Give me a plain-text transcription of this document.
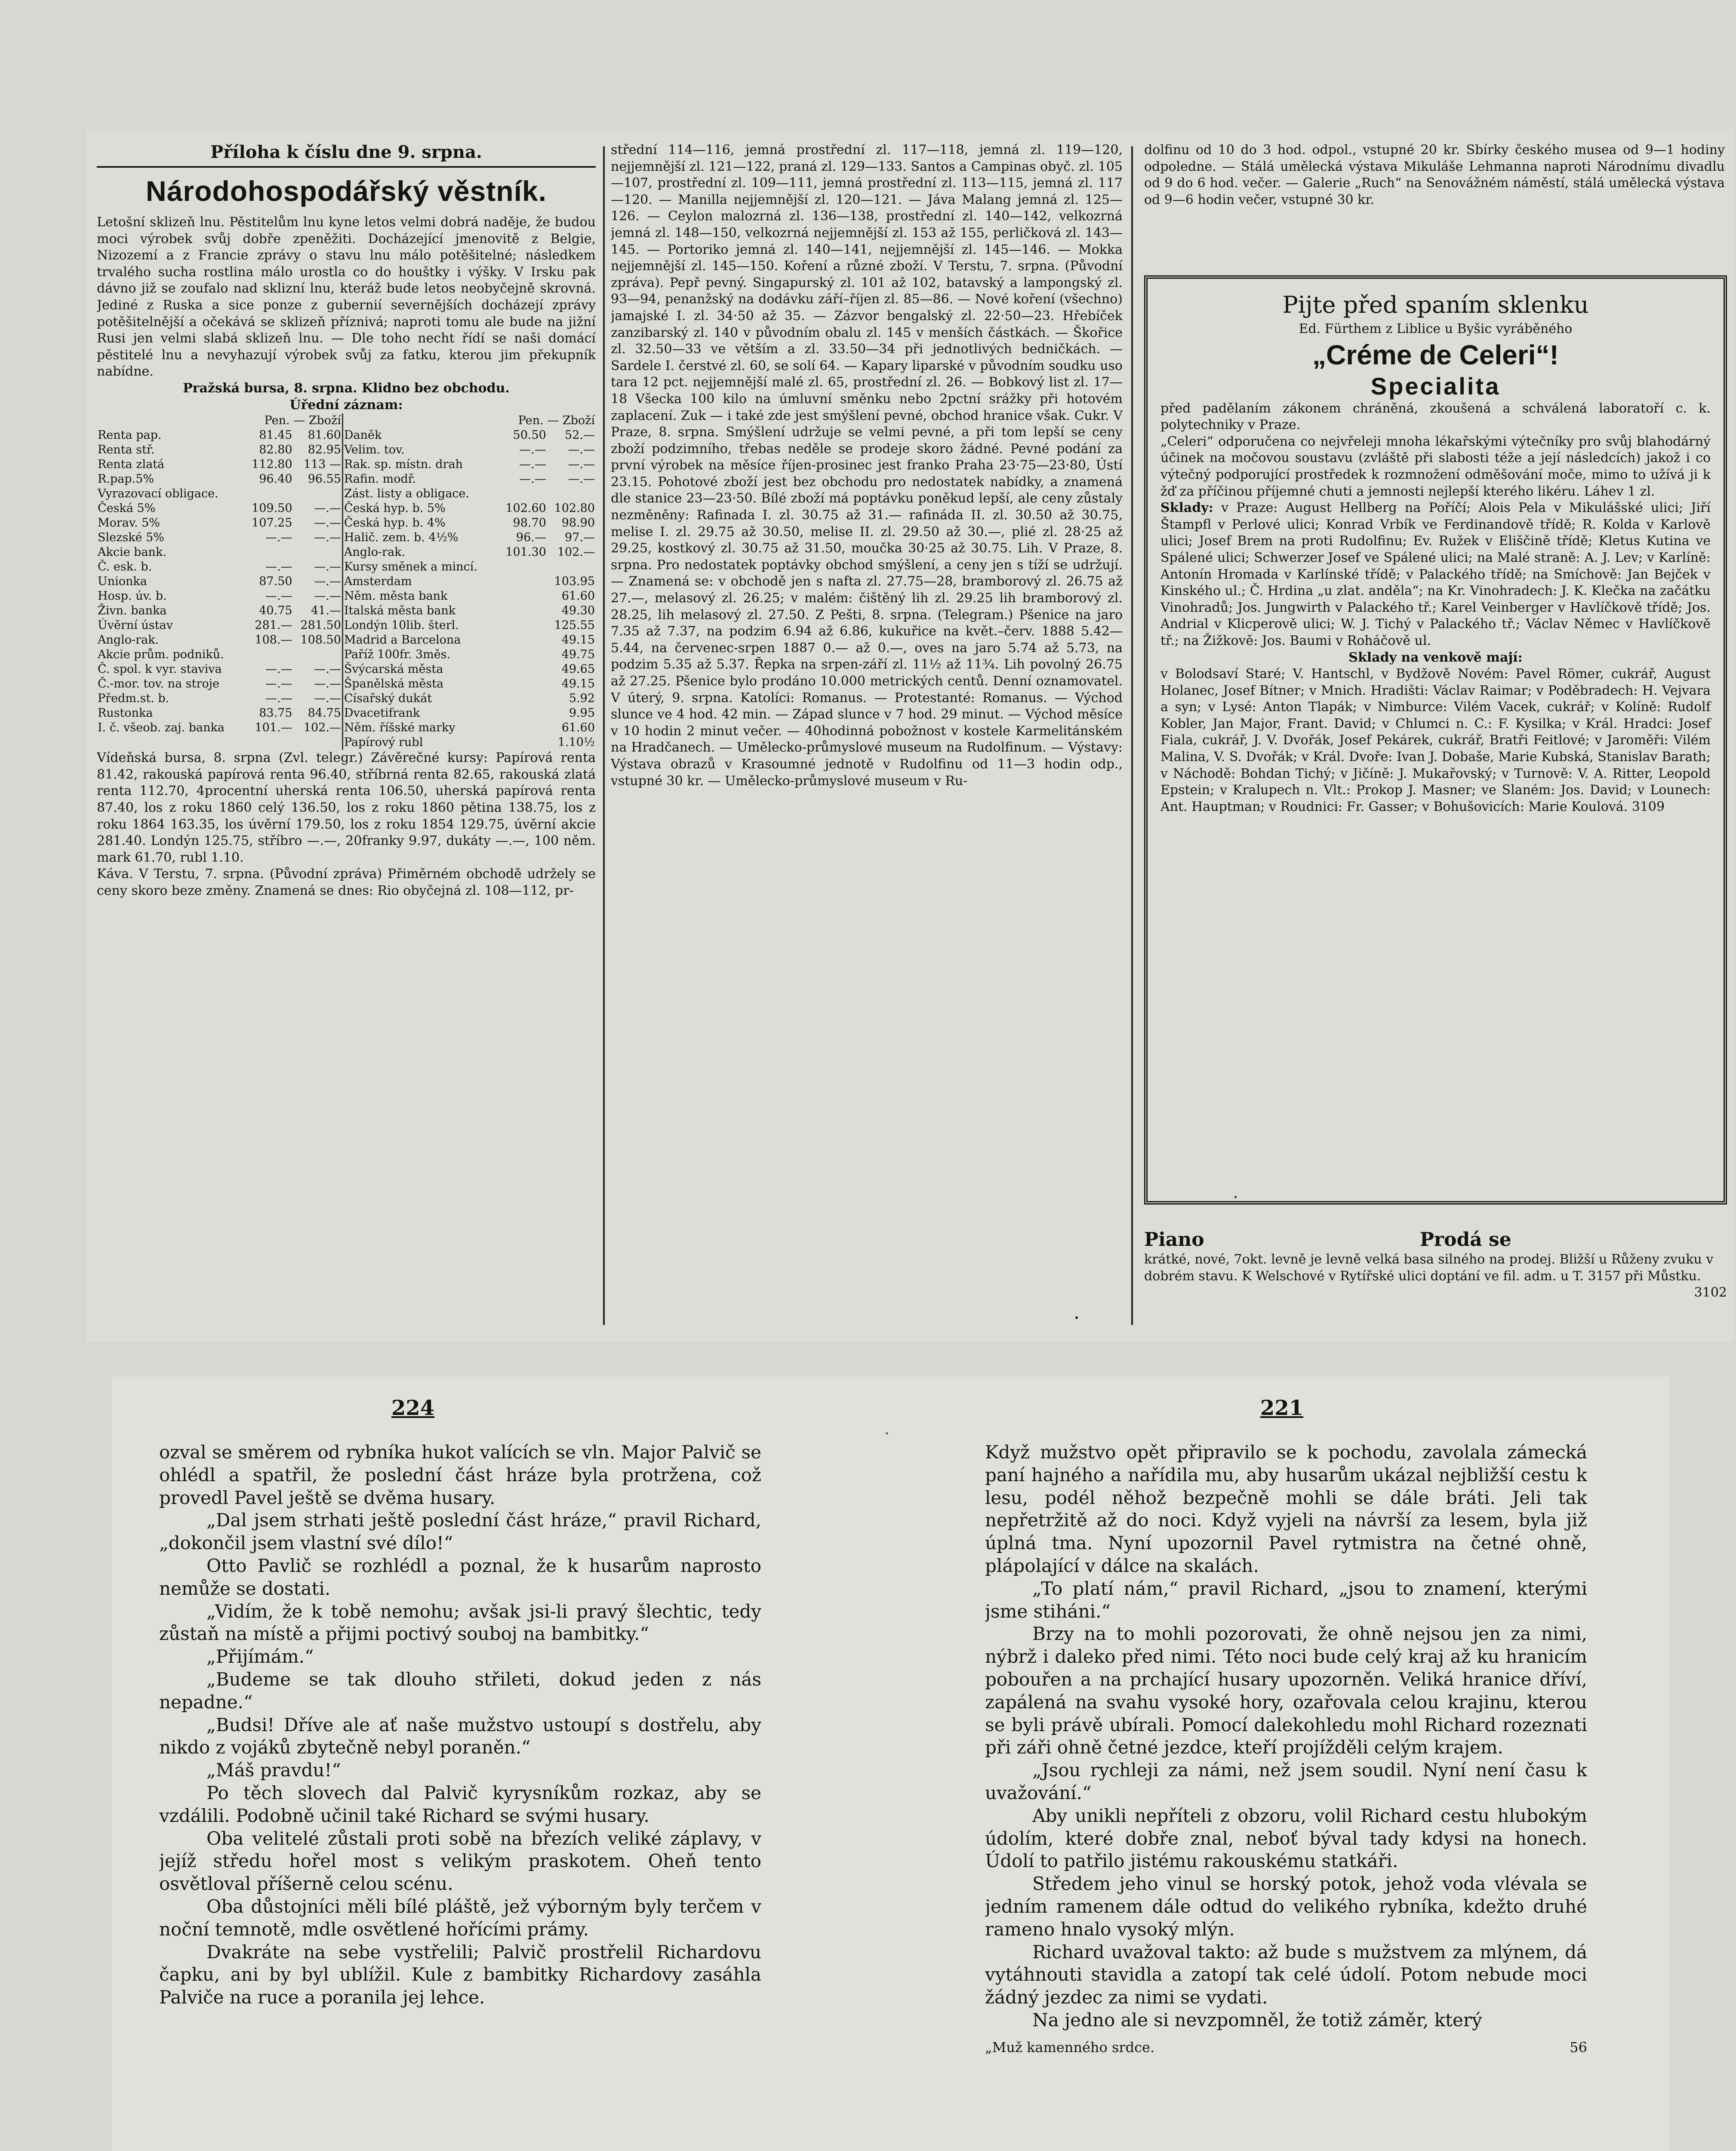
Příloha k číslu dne 9. srpna.
Národohospodářský věstník.

Letošní sklizeň lnu. Pěstitelům lnu kyne letos velmi dobrá naděje, že budou moci výrobek svůj dobře zpeněžiti. Docházející jmenovitě z Belgie, Nizozemí a z Francie zprávy o stavu lnu málo potěšitelné; následkem trvalého sucha rostlina málo urostla co do houštky i výšky. V Irsku pak dávno již se zoufalo nad sklizní lnu, kteráž bude letos neobyčejně skrovná. Jediné z Ruska a sice ponze z gubernií severnějších docházejí zprávy potěšitelnější a očekává se sklizeň příznivá; naproti tomu ale bude na jižní Rusi jen velmi slabá sklizeň lnu. — Dle toho necht řídí se naši domácí pěstitelé lnu a nevyhazují výrobek svůj za fatku, kterou jim překupník nabídne.

Pražská bursa, 8. srpna. Klidno bez obchodu.

Úřední záznam:

	Pen. — Zboží			Pen. — Zboží	
Renta pap.	81.45	81.60	Daněk	50.50	52.—
Renta stř.	82.80	82.95	Velim. tov.	—.—	—.—
Renta zlatá	112.80	113 —	Rak. sp. místn. drah	—.—	—.—
R.pap.5%	96.40	96.55	Rafin. modř.	—.—	—.—
Vyrazovací obligace.			Zást. listy a obligace.		
Česká 5%	109.50	—.—	Česká hyp. b. 5%	102.60	102.80
Morav. 5%	107.25	—.—	Česká hyp. b. 4%	98.70	98.90
Slezské 5%	—.—	—.—	Halič. zem. b. 4½%	96.—	97.—
Akcie bank.			Anglo-rak.	101.30	102.—
Č. esk. b.	—.—	—.—	Kursy směnek a mincí.		
Unionka	87.50	—.—	Amsterdam		103.95
Hosp. úv. b.	—.—	—.—	Něm. města bank		61.60
Živn. banka	40.75	41.—	Italská města bank		49.30
Úvěrní ústav	281.—	281.50	Londýn 10lib. šterl.		125.55
Anglo-rak.	108.—	108.50	Madrid a Barcelona		49.15
Akcie prům. podniků.			Paříž 100fr. 3měs.		49.75
Č. spol. k vyr. staviva	—.—	—.—	Švýcarská města		49.65
Č.-mor. tov. na stroje	—.—	—.—	Španělská města		49.15
Předm.st. b.	—.—	—.—	Císařský dukát		5.92
Rustonka	83.75	84.75	Dvacetifrank		9.95
I. č. všeob. zaj. banka	101.—	102.—	Něm. říšské marky		61.60
			Papírový rubl		1.10½

Vídeňská bursa, 8. srpna (Zvl. telegr.) Závěrečné kursy: Papírová renta 81.42, rakouská papírová renta 96.40, stříbrná renta 82.65, rakouská zlatá renta 112.70, 4procentní uherská renta 106.50, uherská papírová renta 87.40, los z roku 1860 celý 136.50, los z roku 1860 pětina 138.75, los z roku 1864 163.35, los úvěrní 179.50, los z roku 1854 129.75, úvěrní akcie 281.40. Londýn 125.75, stříbro —.—, 20franky 9.97, dukáty —.—, 100 něm. mark 61.70, rubl 1.10.

Káva. V Terstu, 7. srpna. (Původní zpráva) Přiměrném obchodě udržely se ceny skoro beze změny. Znamená se dnes: Rio obyčejná zl. 108—112, pr-

střední 114—116, jemná prostřední zl. 117—118, jemná zl. 119—120, nejjemnější zl. 121—122, praná zl. 129—133. Santos a Campinas obyč. zl. 105—107, prostřední zl. 109—111, jemná prostřední zl. 113—115, jemná zl. 117—120. — Manilla nejjemnější zl. 120—121. — Jáva Malang jemná zl. 125—126. — Ceylon malozrná zl. 136—138, prostřední zl. 140—142, velkozrná jemná zl. 148—150, velkozrná nejjemnější zl. 153 až 155, perličková zl. 143—145. — Portoriko jemná zl. 140—141, nejjemnější zl. 145—146. — Mokka nejjemnější zl. 145—150. Koření a různé zboží. V Terstu, 7. srpna. (Původní zpráva). Pepř pevný. Singapurský zl. 101 až 102, batavský a lampongský zl. 93—94, penanžský na dodávku září–říjen zl. 85—86. — Nové koření (všechno) jamajské I. zl. 34·50 až 35. — Zázvor bengalský zl. 22·50—23. Hřebíček zanzibarský zl. 140 v původním obalu zl. 145 v menších částkách. — Škořice zl. 32.50—33 ve větším a zl. 33.50—34 při jednotlivých bedničkách. — Sardele I. čerstvé zl. 60, se solí 64. — Kapary liparské v původním soudku uso tara 12 pct. nejjemnější malé zl. 65, prostřední zl. 26. — Bobkový list zl. 17—18 Všecka 100 kilo na úmluvní směnku nebo 2pctní srážky při hotovém zaplacení. Zuk — i také zde jest smýšlení pevné, obchod hranice však. Cukr. V Praze, 8. srpna. Smýšlení udržuje se velmi pevné, a při tom lepší se ceny zboží podzimního, třebas neděle se prodeje skoro žádné. Pevné podání za první výrobek na měsíce říjen-prosinec jest franko Praha 23·75—23·80, Ústí 23.15. Pohotové zboží jest bez obchodu pro nedostatek nabídky, a znamená dle stanice 23—23·50. Bílé zboží má poptávku poněkud lepší, ale ceny zůstaly nezměněny: Rafinada I. zl. 30.75 až 31.— rafináda II. zl. 30.50 až 30.75, melise I. zl. 29.75 až 30.50, melise II. zl. 29.50 až 30.—, plié zl. 28·25 až 29.25, kostkový zl. 30.75 až 31.50, moučka 30·25 až 30.75. Lih. V Praze, 8. srpna. Pro nedostatek poptávky obchod smýšlení, a ceny jen s tíží se udržují. — Znamená se: v obchodě jen s nafta zl. 27.75—28, bramborový zl. 26.75 až 27.—, melasový zl. 26.25; v malém: čištěný lih zl. 29.25 lih bramborový zl. 28.25, lih melasový zl. 27.50. Z Pešti, 8. srpna. (Telegram.) Pšenice na jaro 7.35 až 7.37, na podzim 6.94 až 6.86, kukuřice na květ.–červ. 1888 5.42—5.44, na červenec-srpen 1887 0.— až 0.—, oves na jaro 5.74 až 5.73, na podzim 5.35 až 5.37. Řepka na srpen-září zl. 11½ až 11¾. Lih povolný 26.75 až 27.25. Pšenice bylo prodáno 10.000 metrických centů. Denní oznamovatel. V úterý, 9. srpna. Katolíci: Romanus. — Protestanté: Romanus. — Východ slunce ve 4 hod. 42 min. — Západ slunce v 7 hod. 29 minut. — Východ měsíce v 10 hodin 2 minut večer. — 40hodinná pobožnost v kostele Karmelitánském na Hradčanech. — Umělecko-průmyslové museum na Rudolfinum. — Výstavy: Výstava obrazů v Krasoumné jednotě v Rudolfinu od 11—3 hodin odp., vstupné 30 kr. — Umělecko-průmyslové museum v Ru-

dolfinu od 10 do 3 hod. odpol., vstupné 20 kr. Sbírky českého musea od 9—1 hodiny odpoledne. — Stálá umělecká výstava Mikuláše Lehmanna naproti Národnímu divadlu od 9 do 6 hod. večer. — Galerie „Ruch“ na Senovážném náměstí, stálá umělecká výstava od 9—6 hodin večer, vstupné 30 kr.

Pijte před spaním sklenku

Ed. Fürthem z Liblice u Byšic vyráběného

„Créme de Celeri“!

Specialita

před padělaním zákonem chráněná, zkoušená a schválená laboratoří c. k. polytechniky v Praze.

„Celeri“ odporučena co nejvřeleji mnoha lékařskými výtečníky pro svůj blahodárný účinek na močovou soustavu (zvláště při slabosti téže a její následcích) jakož i co výtečný podporující prostředek k rozmnožení odměšování moče, mimo to užívá ji k žď za příčinou příjemné chuti a jemnosti nejlepší kterého likéru. Láhev 1 zl.

Sklady: v Praze: August Hellberg na Poříčí; Alois Pela v Mikulášské ulici; Jiří Štampfl v Perlové ulici; Konrad Vrbík ve Ferdinandově třídě; R. Kolda v Karlově ulici; Josef Brem na proti Rudolfinu; Ev. Ružek v Eliščině třídě; Kletus Kutina ve Spálené ulici; Schwerzer Josef ve Spálené ulici; na Malé straně: A. J. Lev; v Karlíně: Antonín Hromada v Karlínské třídě; v Palackého třídě; na Smíchově: Jan Bejček v Kinského ul.; Č. Hrdina „u zlat. anděla“; na Kr. Vinohradech: J. K. Klečka na začátku Vinohradů; Jos. Jungwirth v Palackého tř.; Karel Veinberger v Havlíčkově třídě; Jos. Andrial v Klicperově ulici; W. J. Tichý v Palackého tř.; Václav Němec v Havlíčkově tř.; na Žižkově: Jos. Baumi v Roháčově ul.

Sklady na venkově mají:

v Bolodsaví Staré; V. Hantschl, v Bydžově Novém: Pavel Römer, cukrář, August Holanec, Josef Bítner; v Mnich. Hradišti: Václav Raimar; v Poděbradech: H. Vejvara a syn; v Lysé: Anton Tlapák; v Nimburce: Vilém Vacek, cukrář; v Kolíně: Rudolf Kobler, Jan Major, Frant. David; v Chlumci n. C.: F. Kysilka; v Král. Hradci: Josef Fiala, cukrář, J. V. Dvořák, Josef Pekárek, cukrář, Bratři Feitlové; v Jaroměři: Vilém Malina, V. S. Dvořák; v Král. Dvoře: Ivan J. Dobaše, Marie Kubská, Stanislav Barath; v Náchodě: Bohdan Tichý; v Jičíně: J. Mukařovský; v Turnově: V. A. Ritter, Leopold Epstein; v Kralupech n. Vlt.: Prokop J. Masner; ve Slaném: Jos. David; v Lounech: Ant. Hauptman; v Roudnici: Fr. Gasser; v Bohušovicích: Marie Koulová. 3109

Piano	Prodá se

krátké, nové, 7okt. levně je levně velká basa silného na prodej. Bližší u Růženy zvuku v dobrém stavu. K Welschové v Rytířské ulici doptání ve fil. adm. u T. 3157 při Můstku.

3102

224	221

ozval se směrem od rybníka hukot valících se vln. Major Palvič se ohlédl a spatřil, že poslední část hráze byla protržena, což provedl Pavel ještě se dvěma husary.

„Dal jsem strhati ještě poslední část hráze,“ pravil Richard, „dokončil jsem vlastní své dílo!“

Otto Pavlič se rozhlédl a poznal, že k husarům naprosto nemůže se dostati.

„Vidím, že k tobě nemohu; avšak jsi-li pravý šlechtic, tedy zůstaň na místě a přijmi poctivý souboj na bambitky.“

„Přijímám.“

„Budeme se tak dlouho střileti, dokud jeden z nás nepadne.“

„Budsi! Dříve ale ať naše mužstvo ustoupí s dostřelu, aby nikdo z vojáků zbytečně nebyl poraněn.“

„Máš pravdu!“

Po těch slovech dal Palvič kyrysníkům rozkaz, aby se vzdálili. Podobně učinil také Richard se svými husary.

Oba velitelé zůstali proti sobě na březích veliké záplavy, v jejíž středu hořel most s velikým praskotem. Oheň tento osvětloval příšerně celou scénu.

Oba důstojníci měli bílé pláště, jež výborným byly terčem v noční temnotě, mdle osvětlené hořícími prámy.

Dvakráte na sebe vystřelili; Palvič prostřelil Richardovu čapku, ani by byl ublížil. Kule z bambitky Richardovy zasáhla Palviče na ruce a poranila jej lehce.

Když mužstvo opět připravilo se k pochodu, zavolala zámecká paní hajného a nařídila mu, aby husarům ukázal nejbližší cestu k lesu, podél něhož bezpečně mohli se dále bráti. Jeli tak nepřetržitě až do noci. Když vyjeli na návrší za lesem, byla již úplná tma. Nyní upozornil Pavel rytmistra na četné ohně, plápolající v dálce na skalách.

„To platí nám,“ pravil Richard, „jsou to znamení, kterými jsme stiháni.“

Brzy na to mohli pozorovati, že ohně nejsou jen za nimi, nýbrž i daleko před nimi. Této noci bude celý kraj až ku hranicím pobouřen a na prchající husary upozorněn. Veliká hranice dříví, zapálená na svahu vysoké hory, ozařovala celou krajinu, kterou se byli právě ubírali. Pomocí dalekohledu mohl Richard rozeznati při záři ohně četné jezdce, kteří projížděli celým krajem.

„Jsou rychleji za námi, než jsem soudil. Nyní není času k uvažování.“

Aby unikli nepříteli z obzoru, volil Richard cestu hlubokým údolím, které dobře znal, neboť býval tady kdysi na honech. Údolí to patřilo jistému rakouskému statkáři.

Středem jeho vinul se horský potok, jehož voda vlévala se jedním ramenem dále odtud do velikého rybníka, kdežto druhé rameno hnalo vysoký mlýn.

Richard uvažoval takto: až bude s mužstvem za mlýnem, dá vytáhnouti stavidla a zatopí tak celé údolí. Potom nebude moci žádný jezdec za nimi se vydati.

Na jedno ale si nevzpomněl, že totiž záměr, který

„Muž kamenného srdce.	56
